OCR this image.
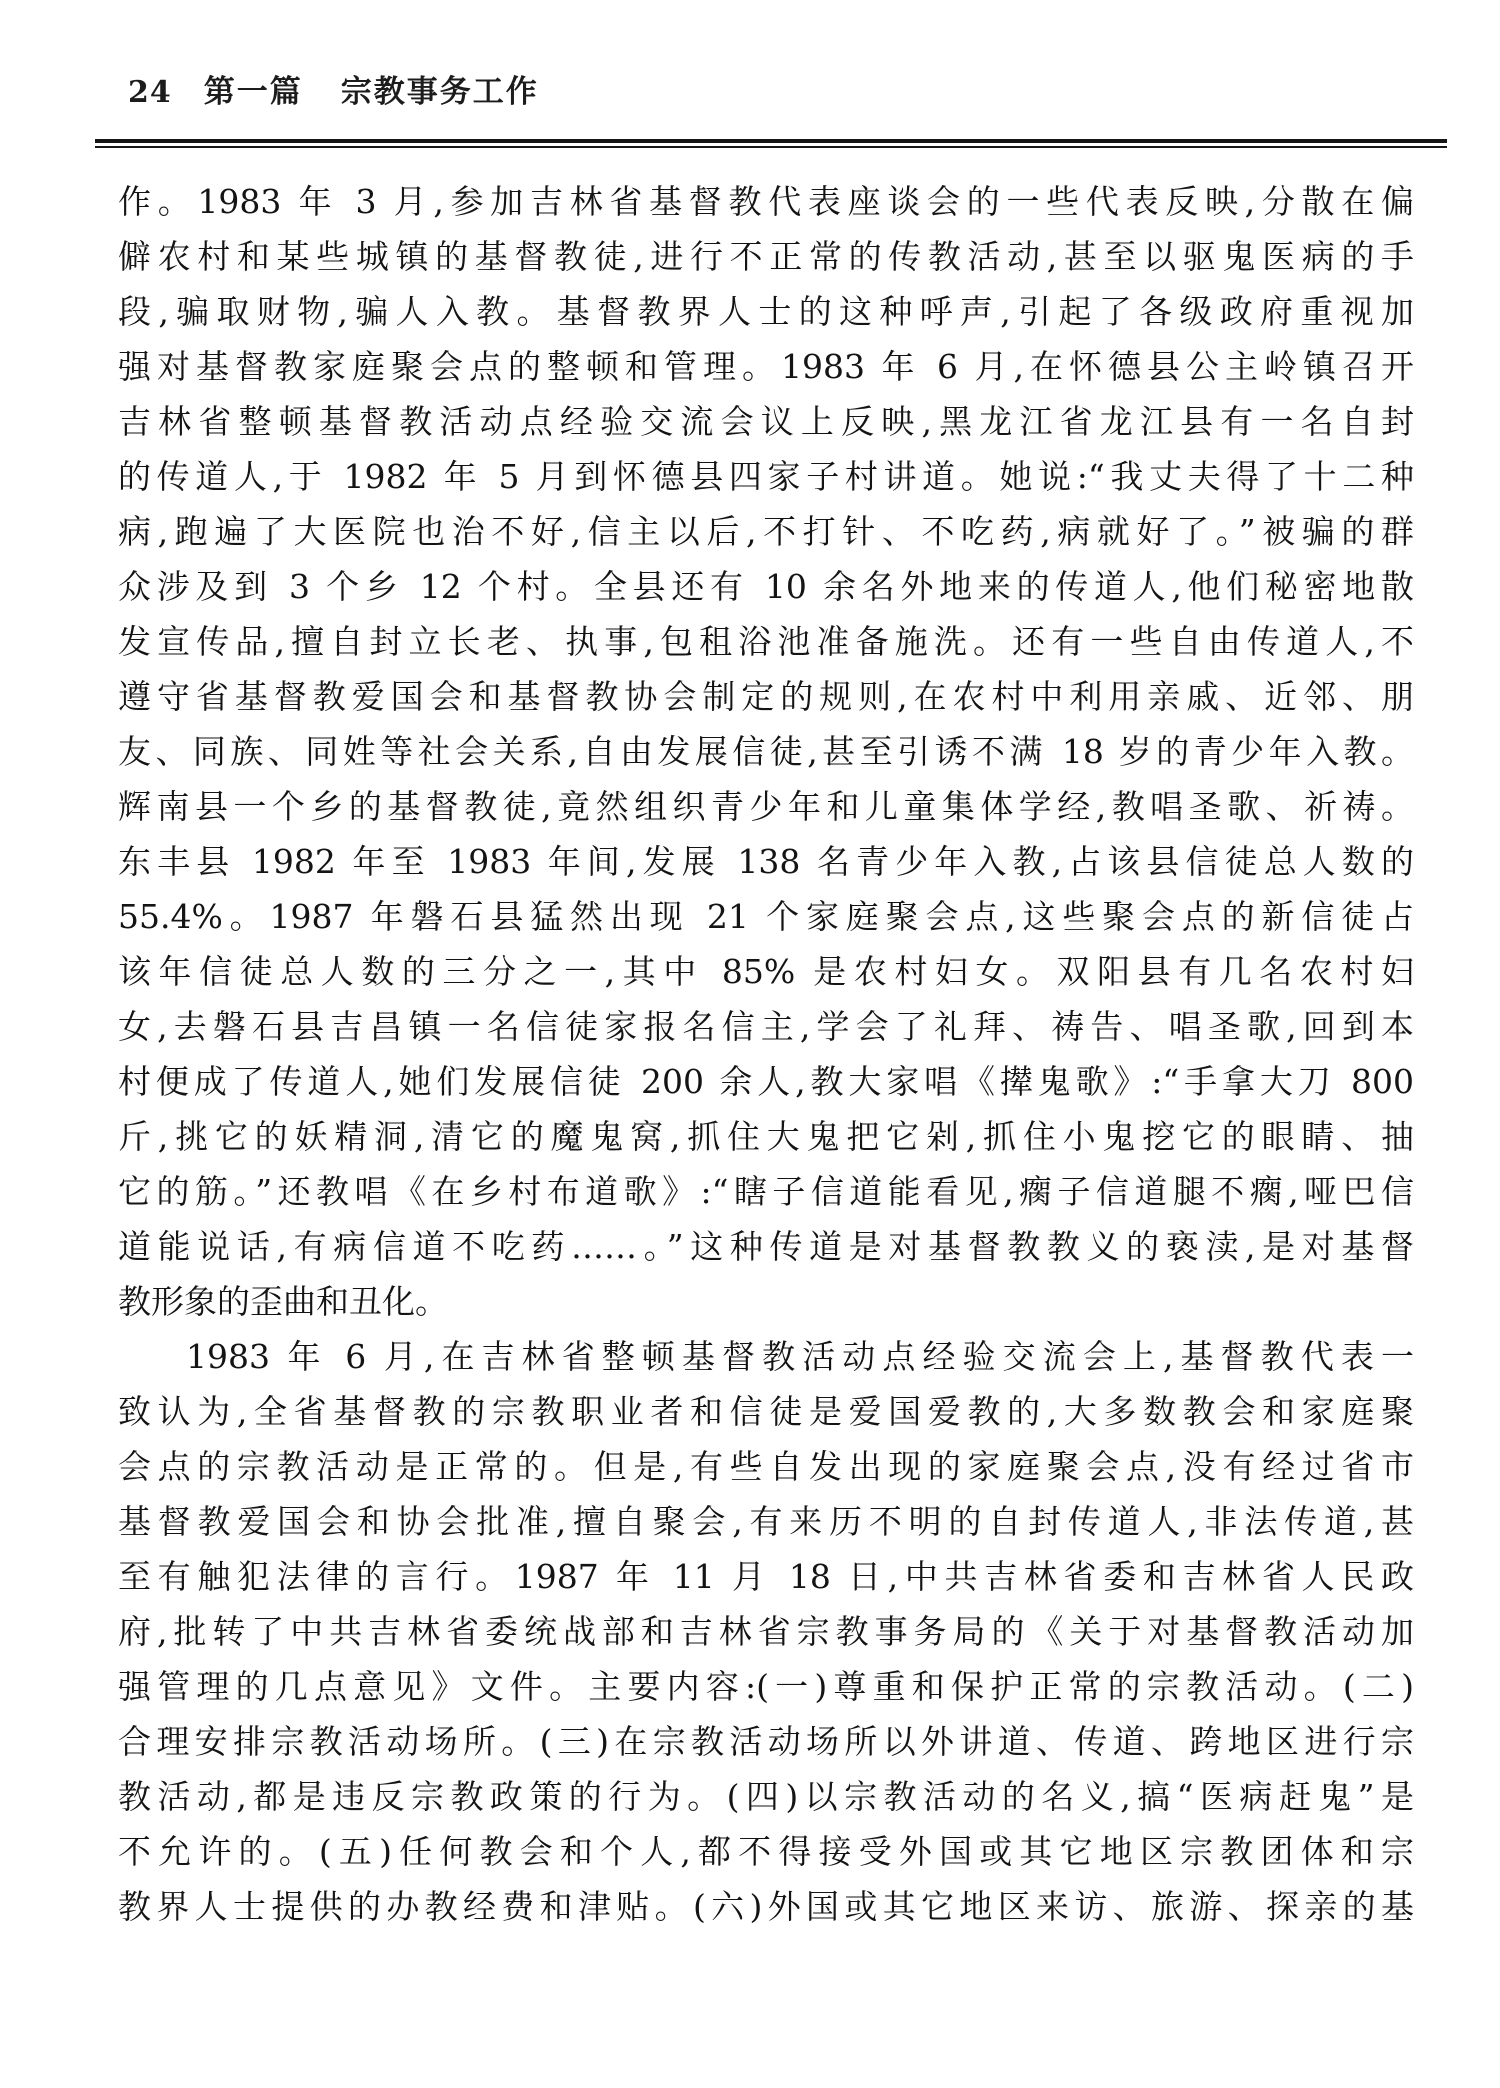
24 第一篇 宗教事务工作
作。1983 年 3 月,参加吉林省基督教代表座谈会的一些代表反映,分散在偏
僻农村和某些城镇的基督教徒,进行不正常的传教活动,甚至以驱鬼医病的手
段,骗取财物,骗人入教。基督教界人士的这种呼声,引起了各级政府重视加
强对基督教家庭聚会点的整顿和管理。1983 年 6 月,在怀德县公主岭镇召开
吉林省整顿基督教活动点经验交流会议上反映,黑龙江省龙江县有一名自封
的传道人,于 1982 年 5 月到怀德县四家子村讲道。她说:“我丈夫得了十二种
病,跑遍了大医院也治不好,信主以后,不打针、不吃药,病就好了。”被骗的群
众涉及到 3 个乡 12 个村。全县还有 10 余名外地来的传道人,他们秘密地散
发宣传品,擅自封立长老、执事,包租浴池准备施洗。还有一些自由传道人,不
遵守省基督教爱国会和基督教协会制定的规则,在农村中利用亲戚、近邻、朋
友、同族、同姓等社会关系,自由发展信徒,甚至引诱不满 18 岁的青少年入教。
辉南县一个乡的基督教徒,竟然组织青少年和儿童集体学经,教唱圣歌、祈祷。
东丰县 1982 年至 1983 年间,发展 138 名青少年入教,占该县信徒总人数的
55.4%。1987 年磐石县猛然出现 21 个家庭聚会点,这些聚会点的新信徒占
该年信徒总人数的三分之一,其中 85% 是农村妇女。双阳县有几名农村妇
女,去磐石县吉昌镇一名信徒家报名信主,学会了礼拜、祷告、唱圣歌,回到本
村便成了传道人,她们发展信徒 200 余人,教大家唱《撵鬼歌》:“手拿大刀 800
斤,挑它的妖精洞,清它的魔鬼窝,抓住大鬼把它剁,抓住小鬼挖它的眼睛、抽
它的筋。”还教唱《在乡村布道歌》:“瞎子信道能看见,瘸子信道腿不瘸,哑巴信
道能说话,有病信道不吃药……。”这种传道是对基督教教义的亵渎,是对基督
教形象的歪曲和丑化。
1983 年 6 月,在吉林省整顿基督教活动点经验交流会上,基督教代表一
致认为,全省基督教的宗教职业者和信徒是爱国爱教的,大多数教会和家庭聚
会点的宗教活动是正常的。但是,有些自发出现的家庭聚会点,没有经过省市
基督教爱国会和协会批准,擅自聚会,有来历不明的自封传道人,非法传道,甚
至有触犯法律的言行。1987 年 11 月 18 日,中共吉林省委和吉林省人民政
府,批转了中共吉林省委统战部和吉林省宗教事务局的《关于对基督教活动加
强管理的几点意见》文件。主要内容:(一)尊重和保护正常的宗教活动。(二)
合理安排宗教活动场所。(三)在宗教活动场所以外讲道、传道、跨地区进行宗
教活动,都是违反宗教政策的行为。(四)以宗教活动的名义,搞“医病赶鬼”是
不允许的。(五)任何教会和个人,都不得接受外国或其它地区宗教团体和宗
教界人士提供的办教经费和津贴。(六)外国或其它地区来访、旅游、探亲的基
